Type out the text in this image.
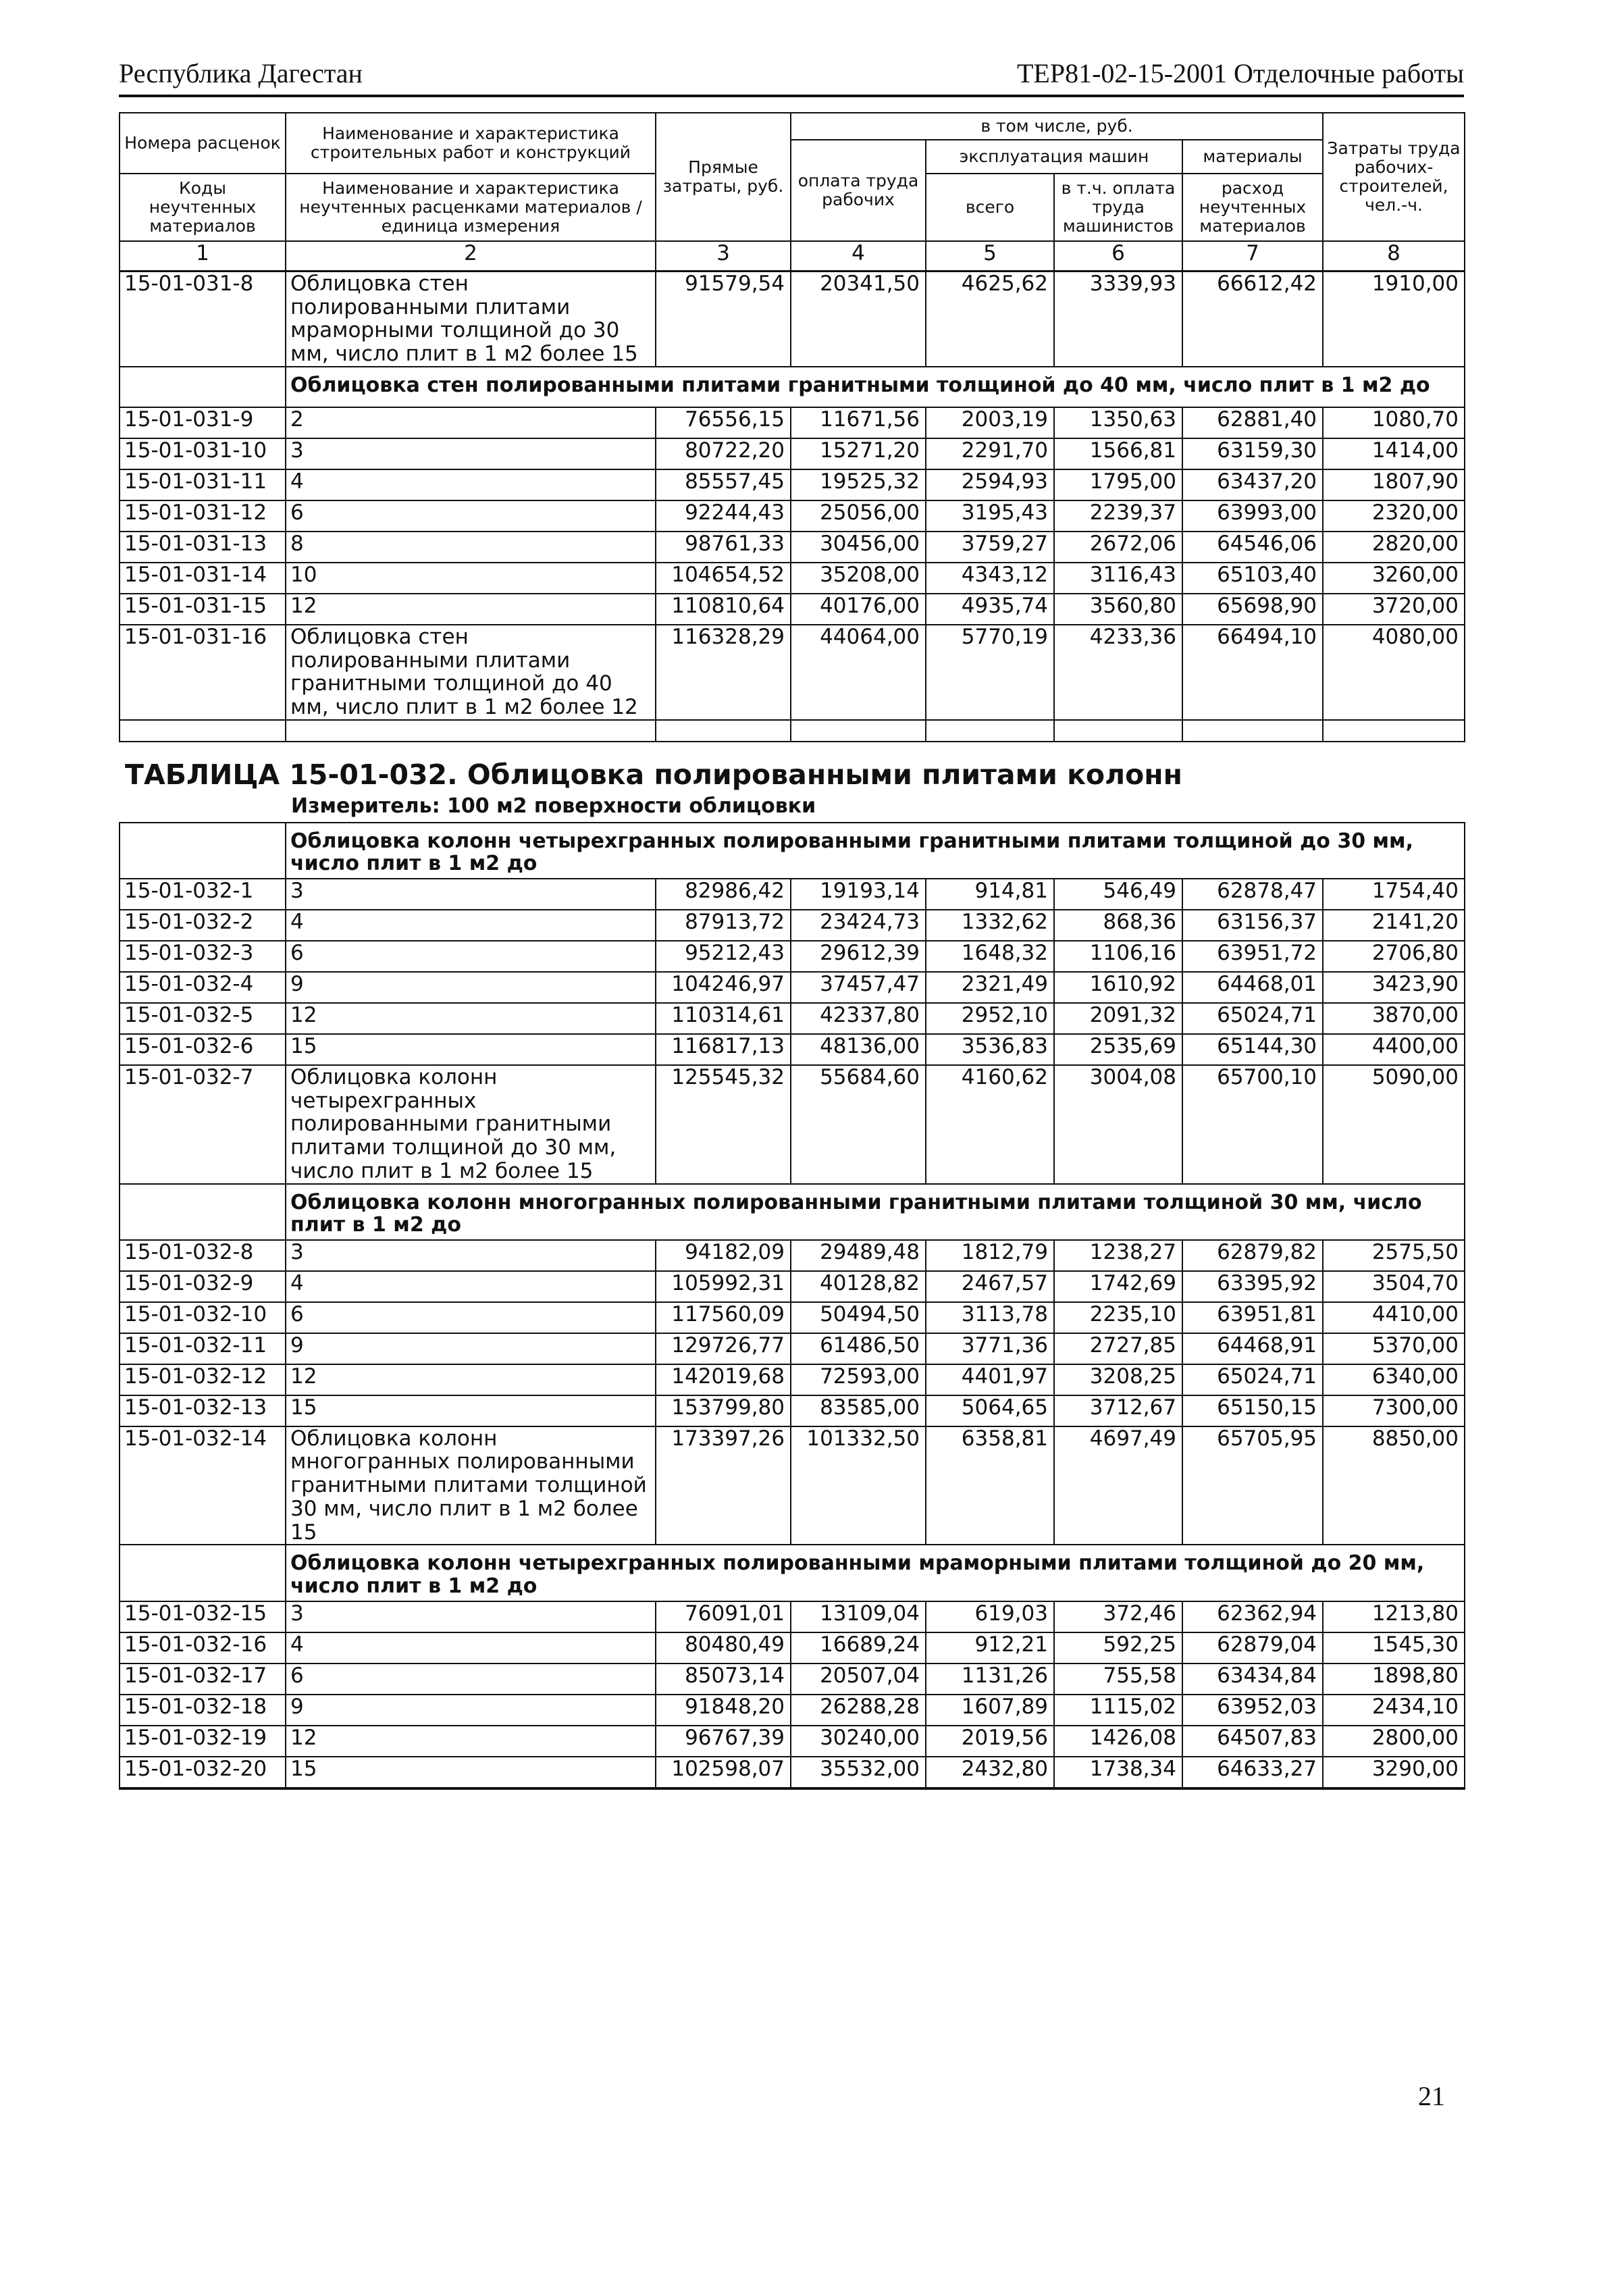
Республика Дагестан	ТЕР81-02-15-2001 Отделочные работы
Номера расценок	Наименование и характеристика строительных работ и конструкций	Прямые затраты, руб.	в том числе, руб.				Затраты труда рабочих-строителей, чел.-ч.
			оплата труда рабочих	эксплуатация машин		материалы	
Коды неучтенных материалов	Наименование и характеристика неучтенных расценками материалов / единица измерения			всего	в т.ч. оплата труда машинистов	расход неучтенных материалов	

1	2	3	4	5	6	7	8
15-01-031-8	Облицовка стен полированными плитами мраморными толщиной до 30 мм, число плит в 1 м2 более 15	91579,54	20341,50	4625,62	3339,93	66612,42	1910,00
	Облицовка стен полированными плитами гранитными толщиной до 40 мм, число плит в 1 м2 до						
15-01-031-9	2	76556,15	11671,56	2003,19	1350,63	62881,40	1080,70
15-01-031-10	3	80722,20	15271,20	2291,70	1566,81	63159,30	1414,00
15-01-031-11	4	85557,45	19525,32	2594,93	1795,00	63437,20	1807,90
15-01-031-12	6	92244,43	25056,00	3195,43	2239,37	63993,00	2320,00
15-01-031-13	8	98761,33	30456,00	3759,27	2672,06	64546,06	2820,00
15-01-031-14	10	104654,52	35208,00	4343,12	3116,43	65103,40	3260,00
15-01-031-15	12	110810,64	40176,00	4935,74	3560,80	65698,90	3720,00
15-01-031-16	Облицовка стен полированными плитами гранитными толщиной до 40 мм, число плит в 1 м2 более 12	116328,29	44064,00	5770,19	4233,36	66494,10	4080,00

ТАБЛИЦА 15-01-032. Облицовка полированными плитами колонн							
	Измеритель: 100 м2 поверхности облицовки						
	Облицовка колонн четырехгранных полированными гранитными плитами толщиной до 30 мм, число плит в 1 м2 до						
15-01-032-1	3	82986,42	19193,14	914,81	546,49	62878,47	1754,40
15-01-032-2	4	87913,72	23424,73	1332,62	868,36	63156,37	2141,20
15-01-032-3	6	95212,43	29612,39	1648,32	1106,16	63951,72	2706,80
15-01-032-4	9	104246,97	37457,47	2321,49	1610,92	64468,01	3423,90
15-01-032-5	12	110314,61	42337,80	2952,10	2091,32	65024,71	3870,00
15-01-032-6	15	116817,13	48136,00	3536,83	2535,69	65144,30	4400,00
15-01-032-7	Облицовка колонн четырехгранных полированными гранитными плитами толщиной до 30 мм, число плит в 1 м2 более 15	125545,32	55684,60	4160,62	3004,08	65700,10	5090,00
	Облицовка колонн многогранных полированными гранитными плитами толщиной 30 мм, число плит в 1 м2 до						
15-01-032-8	3	94182,09	29489,48	1812,79	1238,27	62879,82	2575,50
15-01-032-9	4	105992,31	40128,82	2467,57	1742,69	63395,92	3504,70
15-01-032-10	6	117560,09	50494,50	3113,78	2235,10	63951,81	4410,00
15-01-032-11	9	129726,77	61486,50	3771,36	2727,85	64468,91	5370,00
15-01-032-12	12	142019,68	72593,00	4401,97	3208,25	65024,71	6340,00
15-01-032-13	15	153799,80	83585,00	5064,65	3712,67	65150,15	7300,00
15-01-032-14	Облицовка колонн многогранных полированными гранитными плитами толщиной 30 мм, число плит в 1 м2 более 15	173397,26	101332,50	6358,81	4697,49	65705,95	8850,00
	Облицовка колонн четырехгранных полированными мраморными плитами толщиной до 20 мм, число плит в 1 м2 до						
15-01-032-15	3	76091,01	13109,04	619,03	372,46	62362,94	1213,80
15-01-032-16	4	80480,49	16689,24	912,21	592,25	62879,04	1545,30
15-01-032-17	6	85073,14	20507,04	1131,26	755,58	63434,84	1898,80
15-01-032-18	9	91848,20	26288,28	1607,89	1115,02	63952,03	2434,10
15-01-032-19	12	96767,39	30240,00	2019,56	1426,08	64507,83	2800,00
15-01-032-20	15	102598,07	35532,00	2432,80	1738,34	64633,27	3290,00
21
